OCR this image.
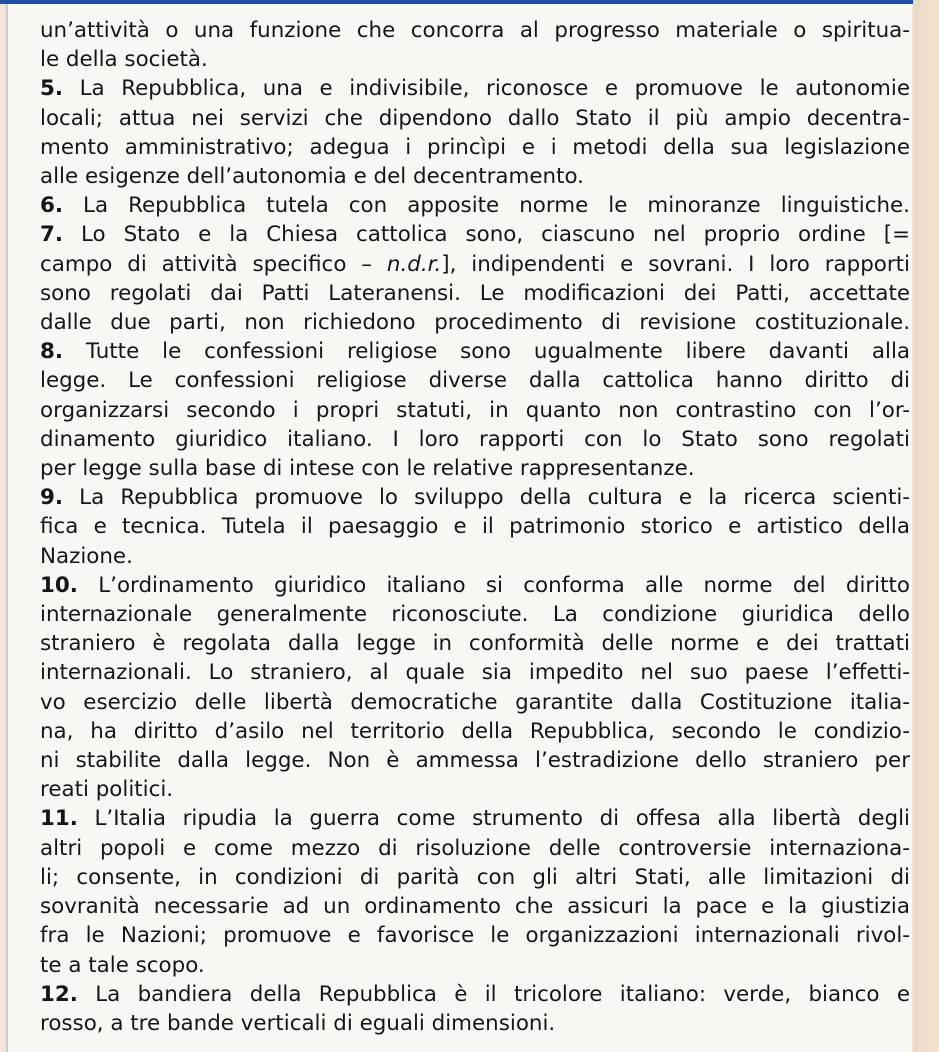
un’attività o una funzione che concorra al progresso materiale o spiritua-
le della società.
5. La Repubblica, una e indivisibile, riconosce e promuove le autonomie
locali; attua nei servizi che dipendono dallo Stato il più ampio decentra-
mento amministrativo; adegua i princìpi e i metodi della sua legislazione
alle esigenze dell’autonomia e del decentramento.
6. La Repubblica tutela con apposite norme le minoranze linguistiche.
7. Lo Stato e la Chiesa cattolica sono, ciascuno nel proprio ordine [=
campo di attività specifico – n.d.r.], indipendenti e sovrani. I loro rapporti
sono regolati dai Patti Lateranensi. Le modificazioni dei Patti, accettate
dalle due parti, non richiedono procedimento di revisione costituzionale.
8. Tutte le confessioni religiose sono ugualmente libere davanti alla
legge. Le confessioni religiose diverse dalla cattolica hanno diritto di
organizzarsi secondo i propri statuti, in quanto non contrastino con l’or-
dinamento giuridico italiano. I loro rapporti con lo Stato sono regolati
per legge sulla base di intese con le relative rappresentanze.
9. La Repubblica promuove lo sviluppo della cultura e la ricerca scienti-
fica e tecnica. Tutela il paesaggio e il patrimonio storico e artistico della
Nazione.
10. L’ordinamento giuridico italiano si conforma alle norme del diritto
internazionale generalmente riconosciute. La condizione giuridica dello
straniero è regolata dalla legge in conformità delle norme e dei trattati
internazionali. Lo straniero, al quale sia impedito nel suo paese l’effetti-
vo esercizio delle libertà democratiche garantite dalla Costituzione italia-
na, ha diritto d’asilo nel territorio della Repubblica, secondo le condizio-
ni stabilite dalla legge. Non è ammessa l’estradizione dello straniero per
reati politici.
11. L’Italia ripudia la guerra come strumento di offesa alla libertà degli
altri popoli e come mezzo di risoluzione delle controversie internaziona-
li; consente, in condizioni di parità con gli altri Stati, alle limitazioni di
sovranità necessarie ad un ordinamento che assicuri la pace e la giustizia
fra le Nazioni; promuove e favorisce le organizzazioni internazionali rivol-
te a tale scopo.
12. La bandiera della Repubblica è il tricolore italiano: verde, bianco e
rosso, a tre bande verticali di eguali dimensioni.
